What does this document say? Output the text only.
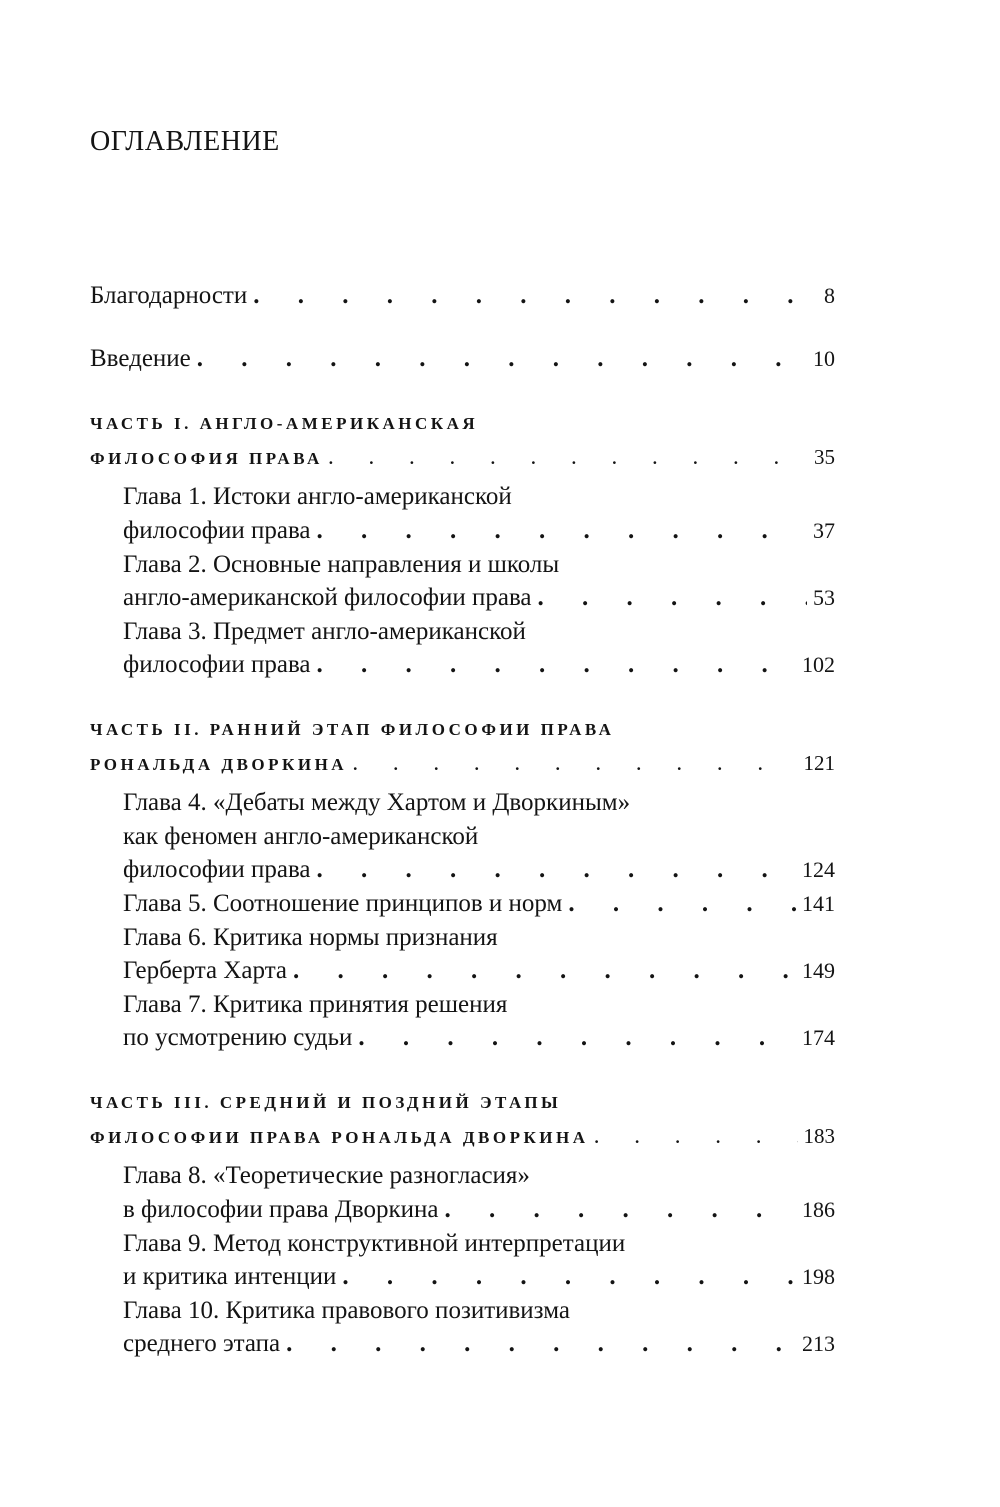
ОГЛАВЛЕНИЕ
Благодарности . . .	8
Введение . . .	10
ЧАСТЬ I. АНГЛО-АМЕРИКАНСКАЯ
ФИЛОСОФИЯ ПРАВА . . .	35
Глава 1. Истоки англо-американской
философии права . . .	37
Глава 2. Основные направления и школы
англо-американской философии права . . .	53
Глава 3. Предмет англо-американской
философии права . . .	102
ЧАСТЬ II. РАННИЙ ЭТАП ФИЛОСОФИИ ПРАВА
РОНАЛЬДА ДВОРКИНА . . .	121
Глава 4. «Дебаты между Хартом и Дворкиным»
как феномен англо-американской
философии права . . .	124
Глава 5. Соотношение принципов и норм . . .	141
Глава 6. Критика нормы признания
Герберта Харта . . .	149
Глава 7. Критика принятия решения
по усмотрению судьи . . .	174
ЧАСТЬ III. СРЕДНИЙ И ПОЗДНИЙ ЭТАПЫ
ФИЛОСОФИИ ПРАВА РОНАЛЬДА ДВОРКИНА . . .	183
Глава 8. «Теоретические разногласия»
в философии права Дворкина . . .	186
Глава 9. Метод конструктивной интерпретации
и критика интенции . . .	198
Глава 10. Критика правового позитивизма
среднего этапа . . .	213
